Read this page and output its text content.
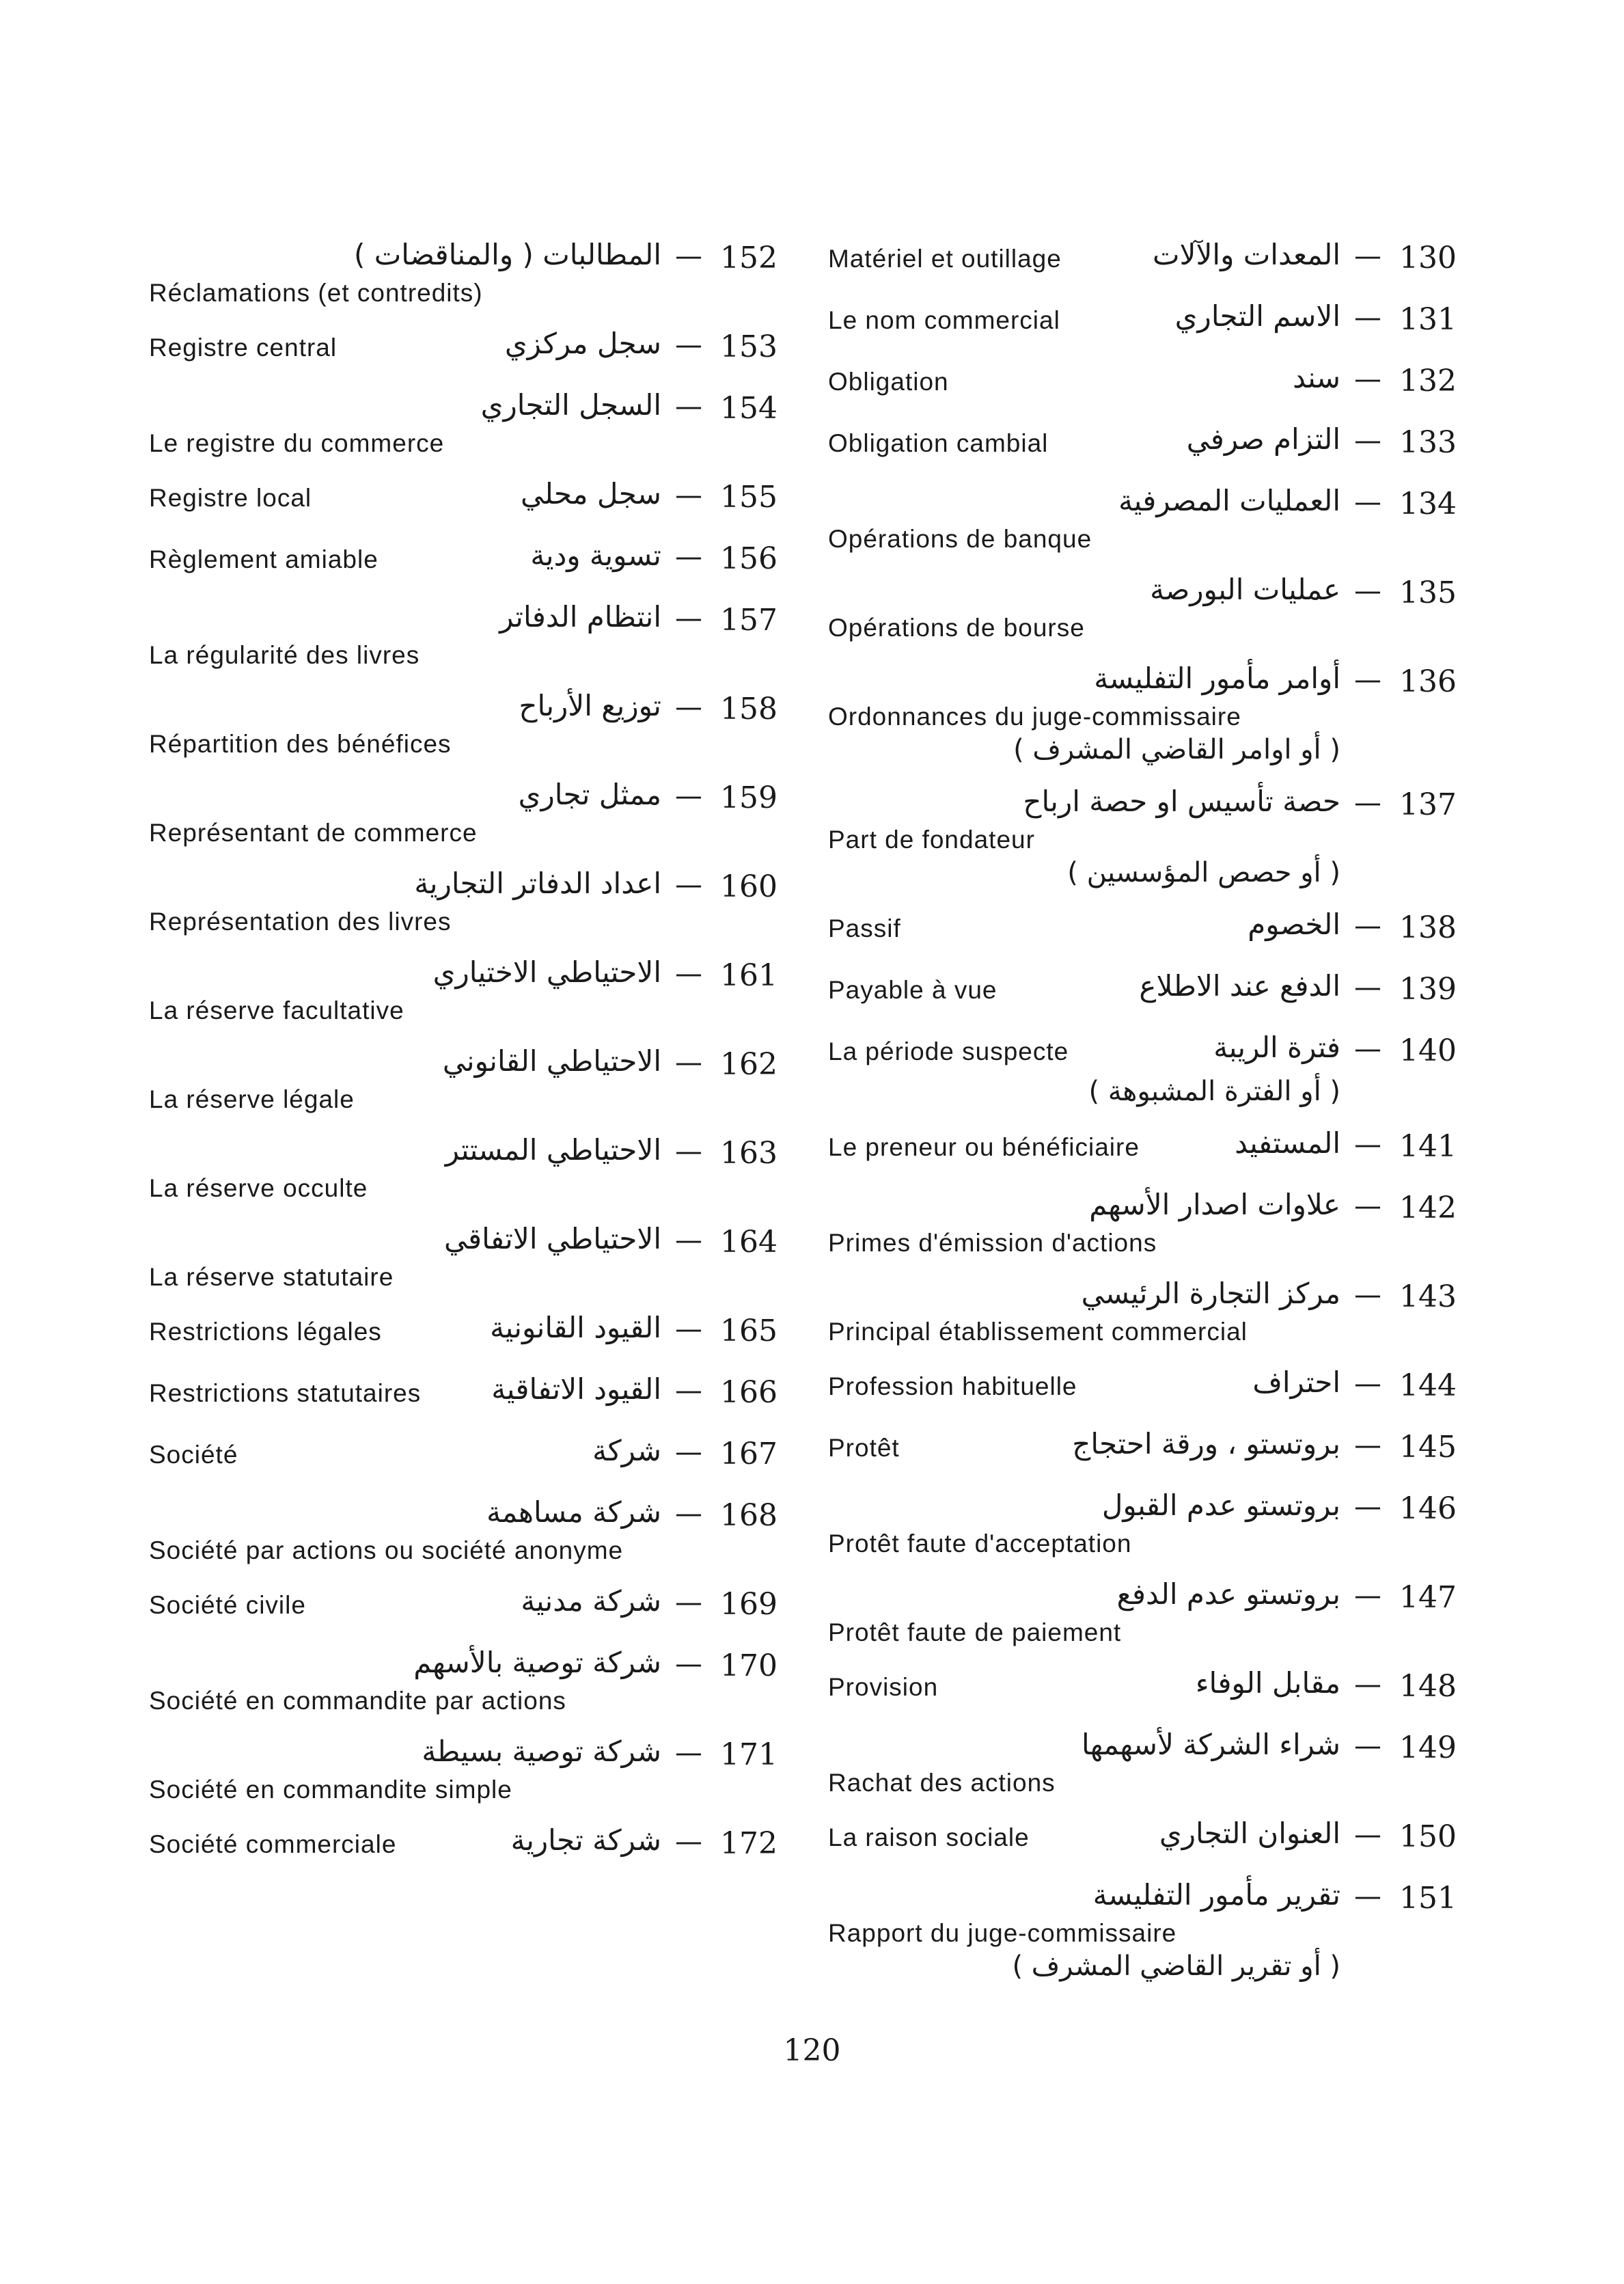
152
—
المطالبات ( والمناقضات )
Réclamations (et contredits)
153
—
سجل مركزي
Registre central
154
—
السجل التجاري
Le registre du commerce
155
—
سجل محلي
Registre local
156
—
تسوية ودية
Règlement amiable
157
—
انتظام الدفاتر
La régularité des livres
158
—
توزيع الأرباح
Répartition des bénéfices
159
—
ممثل تجاري
Représentant de commerce
160
—
اعداد الدفاتر التجارية
Représentation des livres
161
—
الاحتياطي الاختياري
La réserve facultative
162
—
الاحتياطي القانوني
La réserve légale
163
—
الاحتياطي المستتر
La réserve occulte
164
—
الاحتياطي الاتفاقي
La réserve statutaire
165
—
القيود القانونية
Restrictions légales
166
—
القيود الاتفاقية
Restrictions statutaires
167
—
شركة
Société
168
—
شركة مساهمة
Société par actions ou société anonyme
169
—
شركة مدنية
Société civile
170
—
شركة توصية بالأسهم
Société en commandite par actions
171
—
شركة توصية بسيطة
Société en commandite simple
172
—
شركة تجارية
Société commerciale
130
—
المعدات والآلات
Matériel et outillage
131
—
الاسم التجاري
Le nom commercial
132
—
سند
Obligation
133
—
التزام صرفي
Obligation cambial
134
—
العمليات المصرفية
Opérations de banque
135
—
عمليات البورصة
Opérations de bourse
136
—
أوامر مأمور التفليسة
Ordonnances du juge-commissaire
( أو اوامر القاضي المشرف )
137
—
حصة تأسيس او حصة ارباح
Part de fondateur
( أو حصص المؤسسين )
138
—
الخصوم
Passif
139
—
الدفع عند الاطلاع
Payable à vue
140
—
فترة الريبة
La période suspecte
( أو الفترة المشبوهة )
141
—
المستفيد
Le preneur ou bénéficiaire
142
—
علاوات اصدار الأسهم
Primes d'émission d'actions
143
—
مركز التجارة الرئيسي
Principal établissement commercial
144
—
احتراف
Profession habituelle
145
—
بروتستو ، ورقة احتجاج
Protêt
146
—
بروتستو عدم القبول
Protêt faute d'acceptation
147
—
بروتستو عدم الدفع
Protêt faute de paiement
148
—
مقابل الوفاء
Provision
149
—
شراء الشركة لأسهمها
Rachat des actions
150
—
العنوان التجاري
La raison sociale
151
—
تقرير مأمور التفليسة
Rapport du juge-commissaire
( أو تقرير القاضي المشرف )
120
